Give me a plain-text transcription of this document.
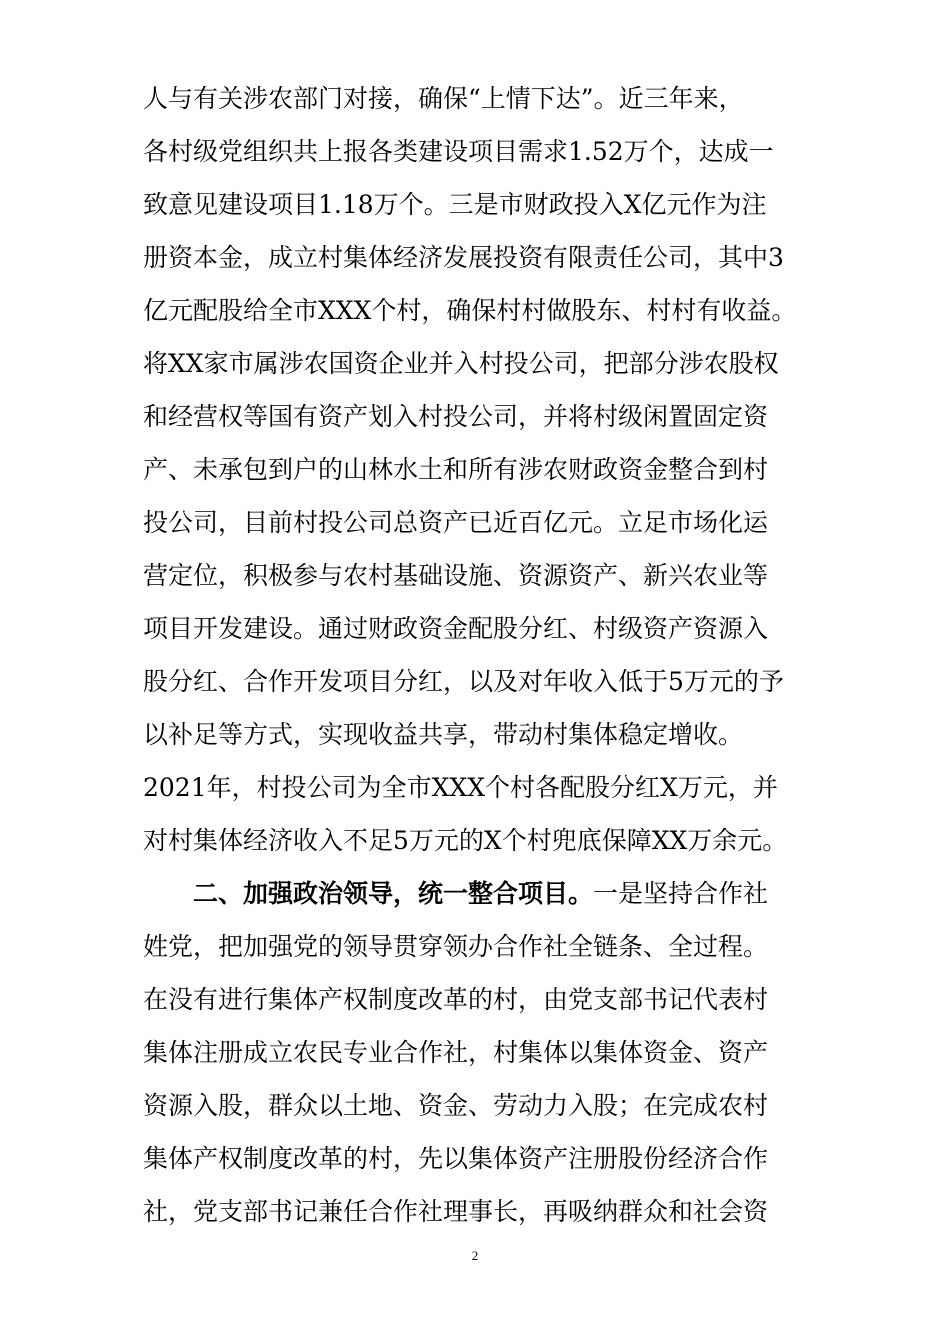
人与有关涉农部门对接，确保“上情下达”。近三年来，
各村级党组织共上报各类建设项目需求1.52万个，达成一
致意见建设项目1.18万个。三是市财政投入X亿元作为注
册资本金，成立村集体经济发展投资有限责任公司，其中3
亿元配股给全市XXX个村，确保村村做股东、村村有收益。
将XX家市属涉农国资企业并入村投公司，把部分涉农股权
和经营权等国有资产划入村投公司，并将村级闲置固定资
产、未承包到户的山林水土和所有涉农财政资金整合到村
投公司，目前村投公司总资产已近百亿元。立足市场化运
营定位，积极参与农村基础设施、资源资产、新兴农业等
项目开发建设。通过财政资金配股分红、村级资产资源入
股分红、合作开发项目分红，以及对年收入低于5万元的予
以补足等方式，实现收益共享，带动村集体稳定增收。
2021年，村投公司为全市XXX个村各配股分红X万元，并
对村集体经济收入不足5万元的X个村兜底保障XX万余元。
二、加强政治领导，统一整合项目。一是坚持合作社
姓党，把加强党的领导贯穿领办合作社全链条、全过程。
在没有进行集体产权制度改革的村，由党支部书记代表村
集体注册成立农民专业合作社，村集体以集体资金、资产
资源入股，群众以土地、资金、劳动力入股；在完成农村
集体产权制度改革的村，先以集体资产注册股份经济合作
社，党支部书记兼任合作社理事长，再吸纳群众和社会资
2
